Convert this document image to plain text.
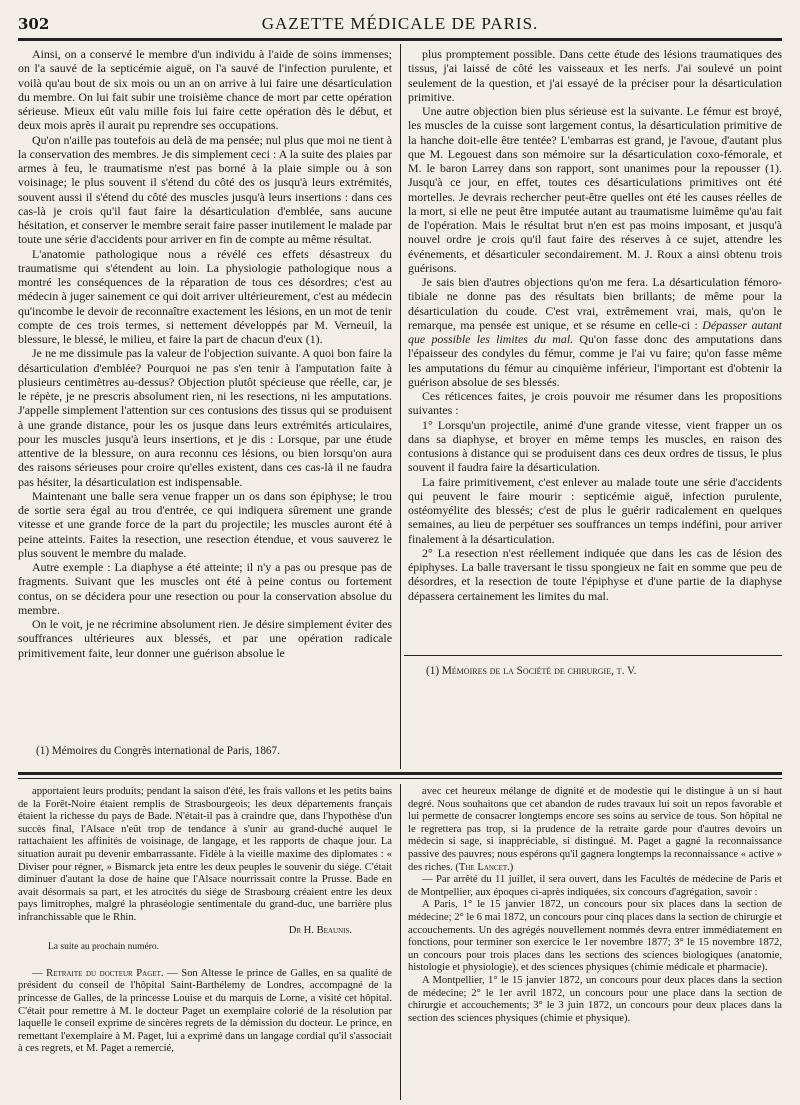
302	GAZETTE MÉDICALE DE PARIS.

Ainsi, on a conservé le membre d'un individu à l'aide de soins immenses; on l'a sauvé de la septicémie aiguë, on l'a sauvé de l'infection purulente, et voilà qu'au bout de six mois ou un an on arrive à lui faire une désarticulation du membre. On lui fait subir une troisième chance de mort par cette opération sérieuse. Mieux eût valu mille fois lui faire cette opération dès le début, et deux mois après il aurait pu reprendre ses occupations.

Qu'on n'aille pas toutefois au delà de ma pensée; nul plus que moi ne tient à la conservation des membres. Je dis simplement ceci : A la suite des plaies par armes à feu, le traumatisme n'est pas borné à la plaie simple ou à son voisinage; le plus souvent il s'étend du côté des os jusqu'à leurs extrémités, souvent aussi il s'étend du côté des muscles jusqu'à leurs insertions : dans ces cas-là je crois qu'il faut faire la désarticulation d'emblée, sans aucune hésitation, et conserver le membre serait faire passer inutilement le malade par toute une série d'accidents pour arriver en fin de compte au même résultat.

L'anatomie pathologique nous a révélé ces effets désastreux du traumatisme qui s'étendent au loin. La physiologie pathologique nous a montré les conséquences de la réparation de tous ces désordres; c'est au médecin à juger sainement ce qui doit arriver ultérieurement, c'est au médecin qu'incombe le devoir de reconnaître exactement les lésions, en un mot de tenir compte de ces trois termes, si nettement développés par M. Verneuil, la blessure, le blessé, le milieu, et faire la part de chacun d'eux (1).

Je ne me dissimule pas la valeur de l'objection suivante. A quoi bon faire la désarticulation d'emblée? Pourquoi ne pas s'en tenir à l'amputation faite à plusieurs centimètres au-dessus? Objection plutôt spécieuse que réelle, car, je le répète, je ne prescris absolument rien, ni les resections, ni les amputations. J'appelle simplement l'attention sur ces contusions des tissus qui se produisent à une grande distance, pour les os jusque dans leurs extrémités articulaires, pour les muscles jusqu'à leurs insertions, et je dis : Lorsque, par une étude attentive de la blessure, on aura reconnu ces lésions, ou bien lorsqu'on aura des raisons sérieuses pour croire qu'elles existent, dans ces cas-là il ne faudra pas hésiter, la désarticulation est indispensable.

Maintenant une balle sera venue frapper un os dans son épiphyse; le trou de sortie sera égal au trou d'entrée, ce qui indiquera sûrement une grande vitesse et une grande force de la part du projectile; les muscles auront été à peine atteints. Faites la resection, une resection étendue, et vous sauverez le plus souvent le membre du malade.

Autre exemple : La diaphyse a été atteinte; il n'y a pas ou presque pas de fragments. Suivant que les muscles ont été à peine contus ou fortement contus, on se décidera pour une resection ou pour la conservation absolue du membre.

On le voit, je ne récrimine absolument rien. Je désire simplement éviter des souffrances ultérieures aux blessés, et par une opération radicale primitivement faite, leur donner une guérison absolue le

(1) Mémoires du Congrès international de Paris, 1867.

plus promptement possible. Dans cette étude des lésions traumatiques des tissus, j'ai laissé de côté les vaisseaux et les nerfs. J'ai soulevé un point seulement de la question, et j'ai essayé de la préciser pour la désarticulation primitive.

Une autre objection bien plus sérieuse est la suivante. Le fémur est broyé, les muscles de la cuisse sont largement contus, la désarticulation primitive de la hanche doit-elle être tentée? L'embarras est grand, je l'avoue, d'autant plus que M. Legouest dans son mémoire sur la désarticulation coxo-fémorale, et M. le baron Larrey dans son rapport, sont unanimes pour la repousser (1). Jusqu'à ce jour, en effet, toutes ces désarticulations primitives ont été mortelles. Je devrais rechercher peut-être quelles ont été les causes réelles de la mort, si elle ne peut être imputée autant au traumatisme luimême qu'au fait de l'opération. Mais le résultat brut n'en est pas moins imposant, et jusqu'à nouvel ordre je crois qu'il faut faire des réserves à ce sujet, attendre les événements, et désarticuler secondairement. M. J. Roux a ainsi obtenu trois guérisons.

Je sais bien d'autres objections qu'on me fera. La désarticulation fémoro-tibiale ne donne pas des résultats bien brillants; de même pour la désarticulation du coude. C'est vrai, extrêmement vrai, mais, qu'on le remarque, ma pensée est unique, et se résume en celle-ci : Dépasser autant que possible les limites du mal. Qu'on fasse donc des amputations dans l'épaisseur des condyles du fémur, comme je l'ai vu faire; qu'on fasse même les amputations du fémur au cinquième inférieur, l'important est d'obtenir la guérison absolue de ses blessés.

Ces réticences faites, je crois pouvoir me résumer dans les propositions suivantes :

1° Lorsqu'un projectile, animé d'une grande vitesse, vient frapper un os dans sa diaphyse, et broyer en même temps les muscles, en raison des contusions à distance qui se produisent dans ces deux ordres de tissus, le plus souvent il faudra faire la désarticulation.

La faire primitivement, c'est enlever au malade toute une série d'accidents qui peuvent le faire mourir : septicémie aiguë, infection purulente, ostéomyélite des blessés; c'est de plus le guérir radicalement en quelques semaines, au lieu de perpétuer ses souffrances un temps indéfini, pour arriver finalement à la désarticulation.

2° La resection n'est réellement indiquée que dans les cas de lésion des épiphyses. La balle traversant le tissu spongieux ne fait en somme que peu de désordres, et la resection de toute l'épiphyse et d'une partie de la diaphyse dépassera certainement les limites du mal.

(1) Mémoires de la Société de chirurgie, t. V.

apportaient leurs produits; pendant la saison d'été, les frais vallons et les petits bains de la Forêt-Noire étaient remplis de Strasbourgeois; les deux départements français étaient la richesse du pays de Bade. N'était-il pas à craindre que, dans l'hypothèse d'un succès final, l'Alsace n'eût trop de tendance à s'unir au grand-duché auquel le rattachaient les affinités de voisinage, de langage, et les rapports de chaque jour. La situation aurait pu devenir embarrassante. Fidèle à la vieille maxime des diplomates : « Diviser pour régner, » Bismarck jeta entre les deux peuples le souvenir du siége. C'était diminuer d'autant la dose de haine que l'Alsace nourrissait contre la Prusse. Bade en avait désormais sa part, et les atrocités du siége de Strasbourg créaient entre les deux pays limitrophes, malgré la phraséologie sentimentale du grand-duc, une barrière plus infranchissable que le Rhin.

Dr H. Beaunis.

La suite au prochain numéro.

— Retraite du docteur Paget. — Son Altesse le prince de Galles, en sa qualité de président du conseil de l'hôpital Saint-Barthélemy de Londres, accompagné de la princesse de Galles, de la princesse Louise et du marquis de Lorne, a visité cet hôpital. C'était pour remettre à M. le docteur Paget un exemplaire colorié de la résolution par laquelle le conseil exprime de sincères regrets de la démission du docteur. Le prince, en remettant l'exemplaire à M. Paget, lui a exprimé dans un langage cordial qu'il s'associait à ces regrets, et M. Paget a remercié,

avec cet heureux mélange de dignité et de modestie qui le distingue à un si haut degré. Nous souhaitons que cet abandon de rudes travaux lui soit un repos favorable et lui permette de consacrer longtemps encore ses soins au service de tous. Son hôpital ne le regrettera pas trop, si la prudence de la retraite garde pour d'autres devoirs un médecin si sage, si inappréciable, si distingué. M. Paget a gagné la reconnaissance passive des pauvres; nous espérons qu'il gagnera longtemps la reconnaissance « active » des riches. (The Lancet.)

— Par arrêté du 11 juillet, il sera ouvert, dans les Facultés de médecine de Paris et de Montpellier, aux époques ci-après indiquées, six concours d'agrégation, savoir :

A Paris, 1° le 15 janvier 1872, un concours pour six places dans la section de médecine; 2° le 6 mai 1872, un concours pour cinq places dans la section de chirurgie et accouchements. Un des agrégés nouvellement nommés devra entrer immédiatement en fonctions, pour terminer son exercice le 1er novembre 1877; 3° le 15 novembre 1872, un concours pour trois places dans les sections des sciences biologiques (anatomie, histologie et physiologie), et des sciences physiques (chimie médicale et pharmacie).

A Montpellier, 1° le 15 janvier 1872, un concours pour deux places dans la section de médecine; 2° le 1er avril 1872, un concours pour une place dans la section de chirurgie et accouchements; 3° le 3 juin 1872, un concours pour deux places dans la section des sciences physiques (chimie et physique).
